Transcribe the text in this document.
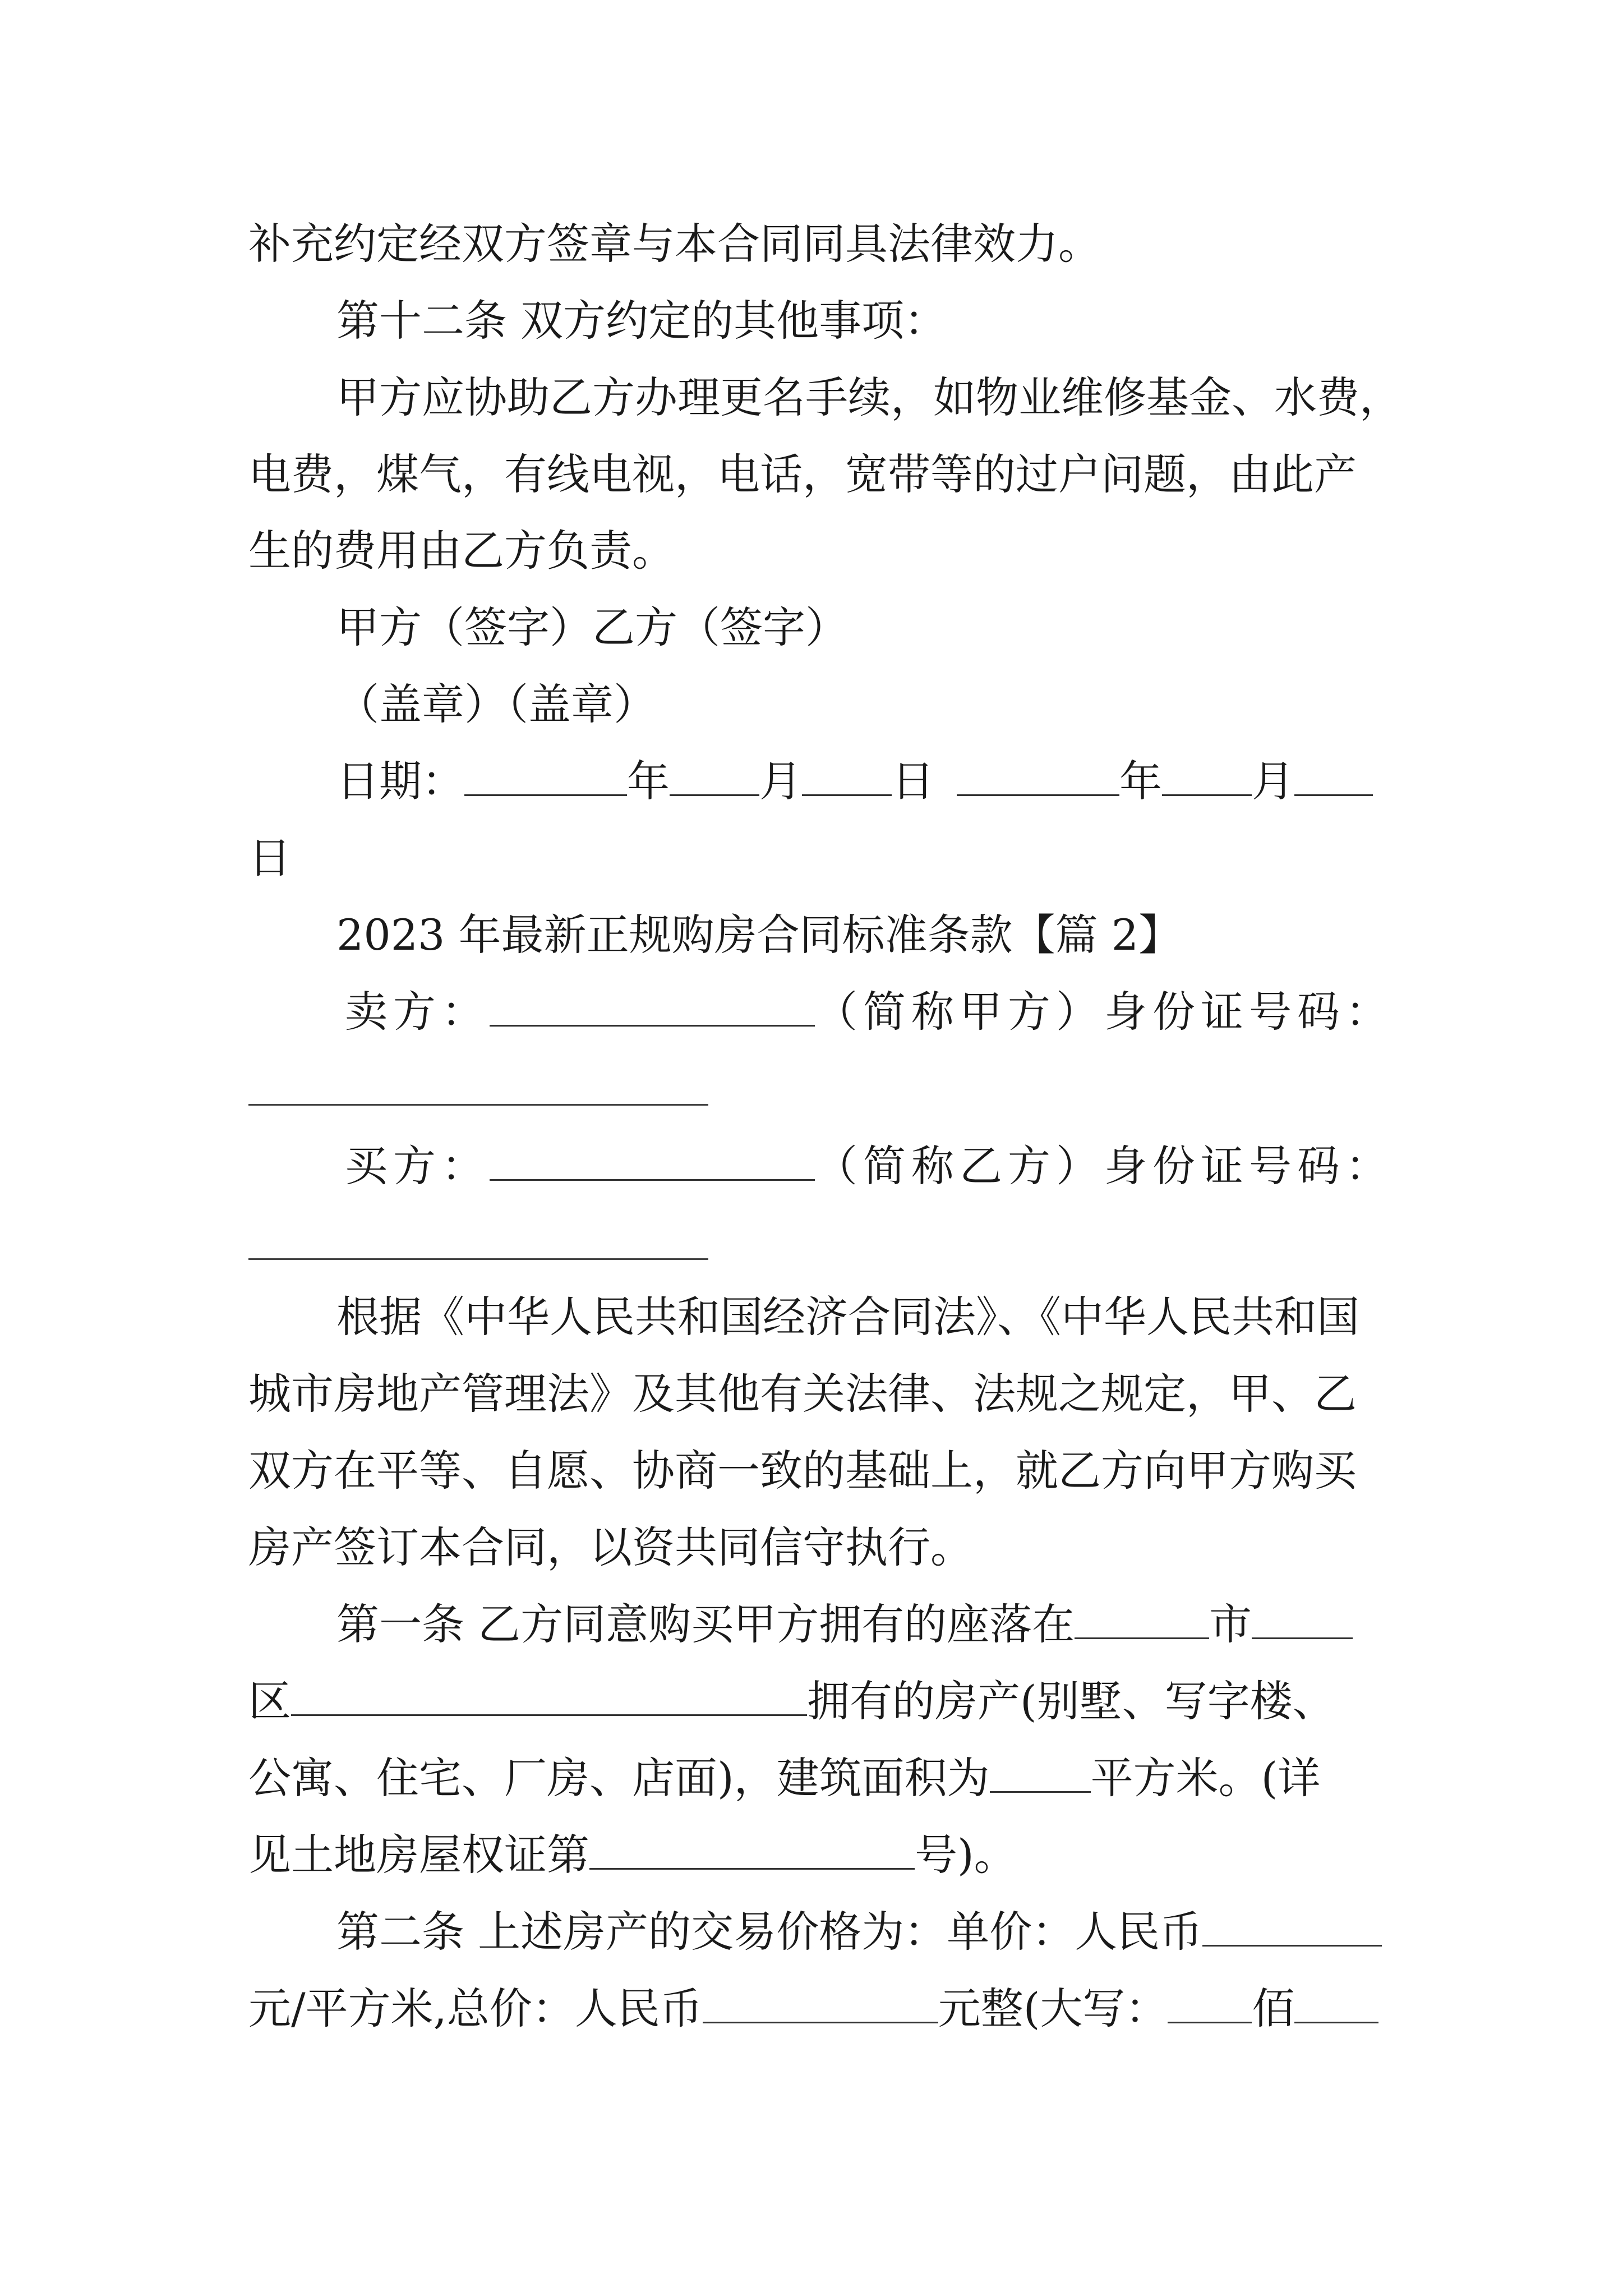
补充约定经双方签章与本合同同具法律效力。
第十二条 双方约定的其他事项：
甲方应协助乙方办理更名手续，如物业维修基金、水费，
电费，煤气，有线电视，电话，宽带等的过户问题，由此产
生的费用由乙方负责。
甲方（签字）乙方（签字）
（盖章）（盖章）
日期：	年 月 日	年 月
日
2023 年最新正规购房合同标准条款【篇 2】
卖方：	（简称甲方）身份证号码：
买方：	（简称乙方）身份证号码：
根据《中华人民共和国经济合同法》、《中华人民共和国
城市房地产管理法》及其他有关法律、法规之规定，甲、乙
双方在平等、自愿、协商一致的基础上，就乙方向甲方购买
房产签订本合同，以资共同信守执行。
第一条 乙方同意购买甲方拥有的座落在	市
区	拥有的房产(别墅、写字楼、
公寓、住宅、厂房、店面)，建筑面积为 平方米。(详
见土地房屋权证第	号)。
第二条 上述房产的交易价格为：单价：人民币
元/平方米,总价：人民币	元整(大写： 佰
